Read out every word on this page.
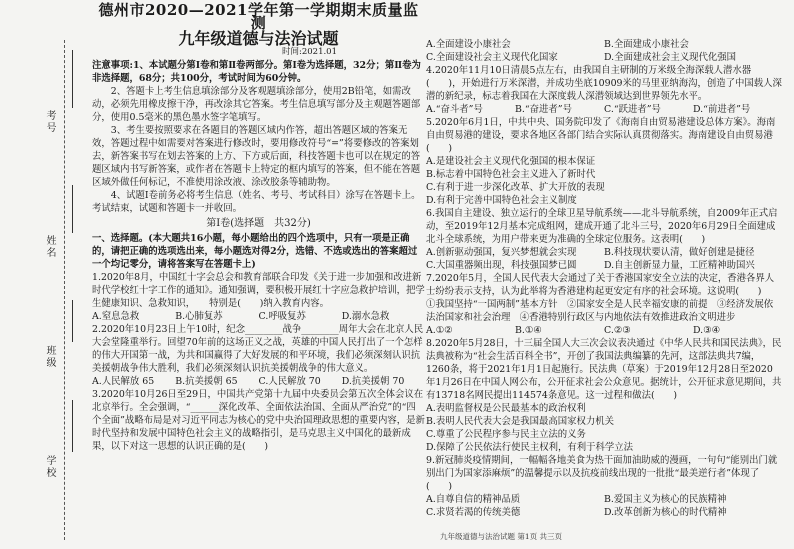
考号
姓名
班级
学校

德州市2020—2021学年第一学期期末质量监测

九年级道德与法治试题

时间:2021.01

注意事项:1、本试题分第Ⅰ卷和第Ⅱ卷两部分。第Ⅰ卷为选择题，32分；第Ⅱ卷为非选择题，68分；共100分，考试时间为60分钟。

2、答题卡上考生信息填涂部分及客观题填涂部分，使用2B铅笔，如需改动，必须先用橡皮擦干净，再改涂其它答案。考生信息填写部分及主观题答题部分，使用0.5毫米的黑色墨水签字笔填写。

3、考生要按照要求在各题目的答题区域内作答，超出答题区域的答案无效，答题过程中如需要对答案进行修改时，要用修改符号“=”将要修改的答案划去，新答案书写在划去答案的上方、下方或后面，科技答题卡也可以在规定的答题区域内书写新答案，或作者在答题卡上特定的框内填写的答案，但不能在答题区域外做任何标记，不准使用涂改液、涂改胶条等辅助物。

4、试题Ⅰ卷前务必将考生信息（姓名、考号、考试科目）涂写在答题卡上。考试结束，试题和答题卡一并收回。

第Ⅰ卷(选择题　共32分)

一、选择题。(本大题共16小题，每小题给出的四个选项中，只有一项是正确的，请把正确的选项选出来，每小题选对得2分，选错、不选或选出的答案超过一个均记零分，请将答案写在答题卡上)

1.2020年8月，中国红十字会总会和教育部联合印发《关于进一步加强和改进新时代学校红十字工作的通知》。通知强调，要积极开展红十字应急救护培训，把学生健康知识、急救知识，　　特别是(　　)纳入教育内容。

A.窒息急救	B.心肺复苏	C.呼吸复苏	D.溺水急救

2.2020年10月23日上午10时，纪念________战争________周年大会在北京人民大会堂隆重举行。回望70年前的这场正义之战，英雄的中国人民打出了一个怎样的伟大开国第一战，为共和国赢得了大好发展的和平环境，我们必须深刻认识抗美援朝战争伟大胜利，我们必须深刻认识抗美援朝战争的伟大意义。

A.人民解放 65	B.抗美援朝 65	C.人民解放 70	D.抗美援朝 70

3.2020年10月26日至29日，中国共产党第十九届中央委员会第五次全体会议在北京举行。全会强调，“______深化改革、全面依法治国、全面从严治党”的“四个全面”战略布局是对习近平同志为核心的党中央治国理政思想的重要内容，是新时代坚持和发展中国特色社会主义的战略指引，是马克思主义中国化的最新成果，以下对这一思想的认识正确的是(　　)

A.全面建设小康社会	B.全面建成小康社会
C.全面建设社会主义现代化国家	D.全面建成社会主义现代化强国

4.2020年11月10日清晨5点左右，由我国自主研制的万米级全海深载人潜水器(　　)，开始进行万米深潜，并成功坐底10909米的马里亚纳海沟，创造了中国载人深潜的新纪录，标志着我国在大深度载人深潜领域达到世界领先水平。

A.“奋斗者”号	B.“奋进者”号	C.“跃进者”号	D.“前进者”号

5.2020年6月1日，中共中央、国务院印发了《海南自由贸易港建设总体方案》。海南自由贸易港的建设，要求各地区各部门结合实际认真贯彻落实。海南建设自由贸易港(　　)

A.是建设社会主义现代化强国的根本保证

B.标志着中国特色社会主义进入了新时代

C.有利于进一步深化改革、扩大开放的表现

D.有利于完善中国特色社会主义制度

6.我国自主建设、独立运行的全球卫星导航系统——北斗导航系统，自2009年正式启动，至2019年12月基本完成组网，建成开通了北斗三号，2020年6月29日全面建成北斗全球系统，为用户带来更为准确的全球定位服务。这表明(　　)

A.创新驱动强国，复兴梦想就会实现	B.科技现状要认清，做好创建是捷径
C.大国重器频出现，科技强国梦已圆	D.自主创新显力量，工匠精神助国兴

7.2020年5月，全国人民代表大会通过了关于香港国家安全立法的决定，香港各界人士纷纷表示支持，认为此举将为香港建构起更安定有序的社会环境。这说明(　　)

①我国坚持“一国两制”基本方针　②国家安全是人民幸福安康的前提　③经济发展依法治国家和社会治理　④香港特别行政区与内地依法有效推进政治文明进步

A.①②	B.①④	C.②③	D.③④

8.2020年5月28日，十三届全国人大三次会议表决通过《中华人民共和国民法典》，民法典被称为“社会生活百科全书”，开创了我国法典编纂的先河，这部法典共7编，1260条，将于2021年1月1日起施行。民法典（草案）于2019年12月28日至2020年1月26日在中国人网公布，公开征求社会公众意见。据统计，公开征求意见期间，共有13718名网民提出114574条意见。这一过程和做法(　　)

A.表明监督权是公民最基本的政治权利

B.表明人民代表大会是我国最高国家权力机关

C.尊重了公民程序参与民主立法的义务

D.保障了公民依法行使民主权利，有利于科学立法

9.新冠肺炎疫情期间，一幅幅各地美食为热干面加油助威的漫画，一句句“能别出门就别出门为国家添麻烦”的温馨提示以及抗疫前线出现的一批批“最美逆行者”体现了(　　)

A.自尊自信的精神品质	B.爱国主义为核心的民族精神
C.求贤若渴的传统美德	D.改革创新为核心的时代精神
九年级道德与法治试题 第1页 共三页
